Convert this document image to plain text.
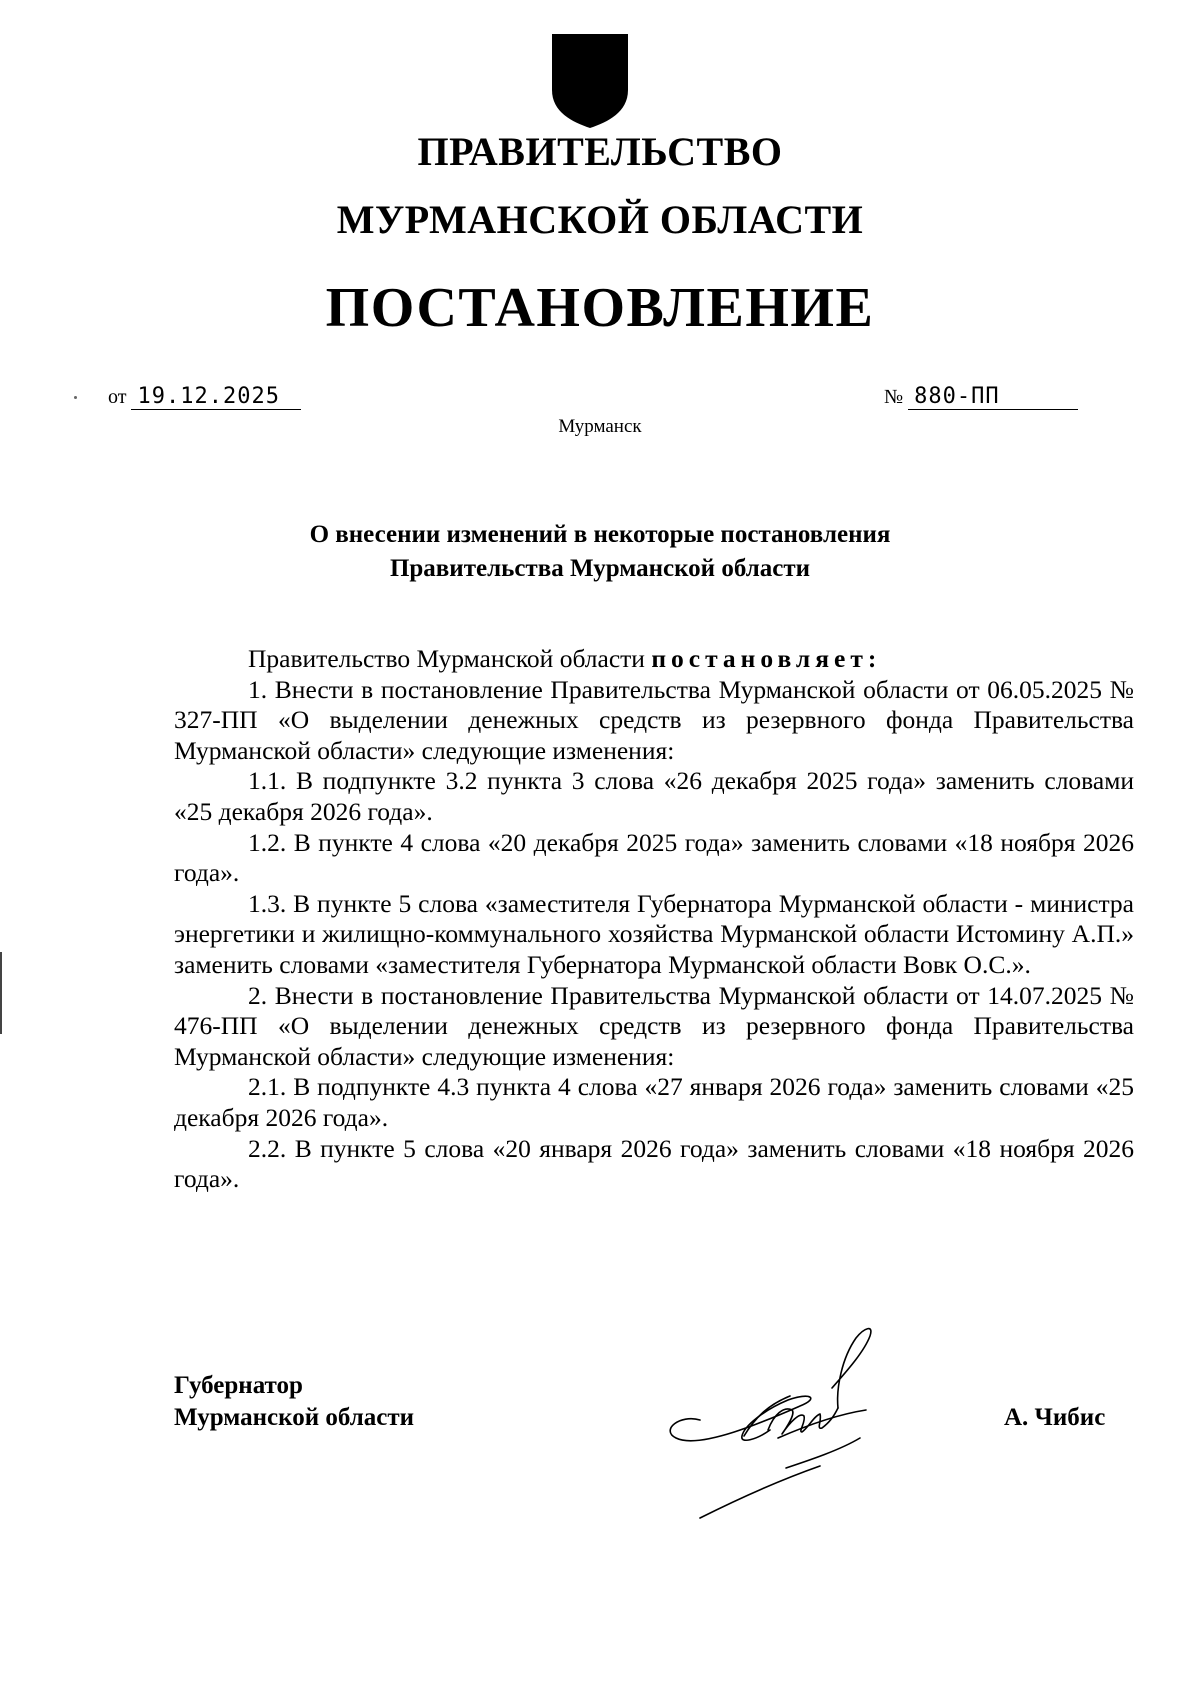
ПРАВИТЕЛЬСТВО
МУРМАНСКОЙ ОБЛАСТИ
ПОСТАНОВЛЕНИЕ
от 19.12.2025	№ 880-ПП
Мурманск
О внесении изменений в некоторые постановления
Правительства Мурманской области

Правительство Мурманской области постановляет:

1. Внести в постановление Правительства Мурманской области от 06.05.2025 № 327-ПП «О выделении денежных средств из резервного фонда Правительства Мурманской области» следующие изменения:

1.1. В подпункте 3.2 пункта 3 слова «26 декабря 2025 года» заменить словами «25 декабря 2026 года».

1.2. В пункте 4 слова «20 декабря 2025 года» заменить словами «18 ноября 2026 года».

1.3. В пункте 5 слова «заместителя Губернатора Мурманской области - министра энергетики и жилищно-коммунального хозяйства Мурманской области Истомину А.П.» заменить словами «заместителя Губернатора Мурманской области Вовк О.С.».

2. Внести в постановление Правительства Мурманской области от 14.07.2025 № 476-ПП «О выделении денежных средств из резервного фонда Правительства Мурманской области» следующие изменения:

2.1. В подпункте 4.3 пункта 4 слова «27 января 2026 года» заменить словами «25 декабря 2026 года».

2.2. В пункте 5 слова «20 января 2026 года» заменить словами «18 ноября 2026 года».

Губернатор
Мурманской области	А. Чибис
